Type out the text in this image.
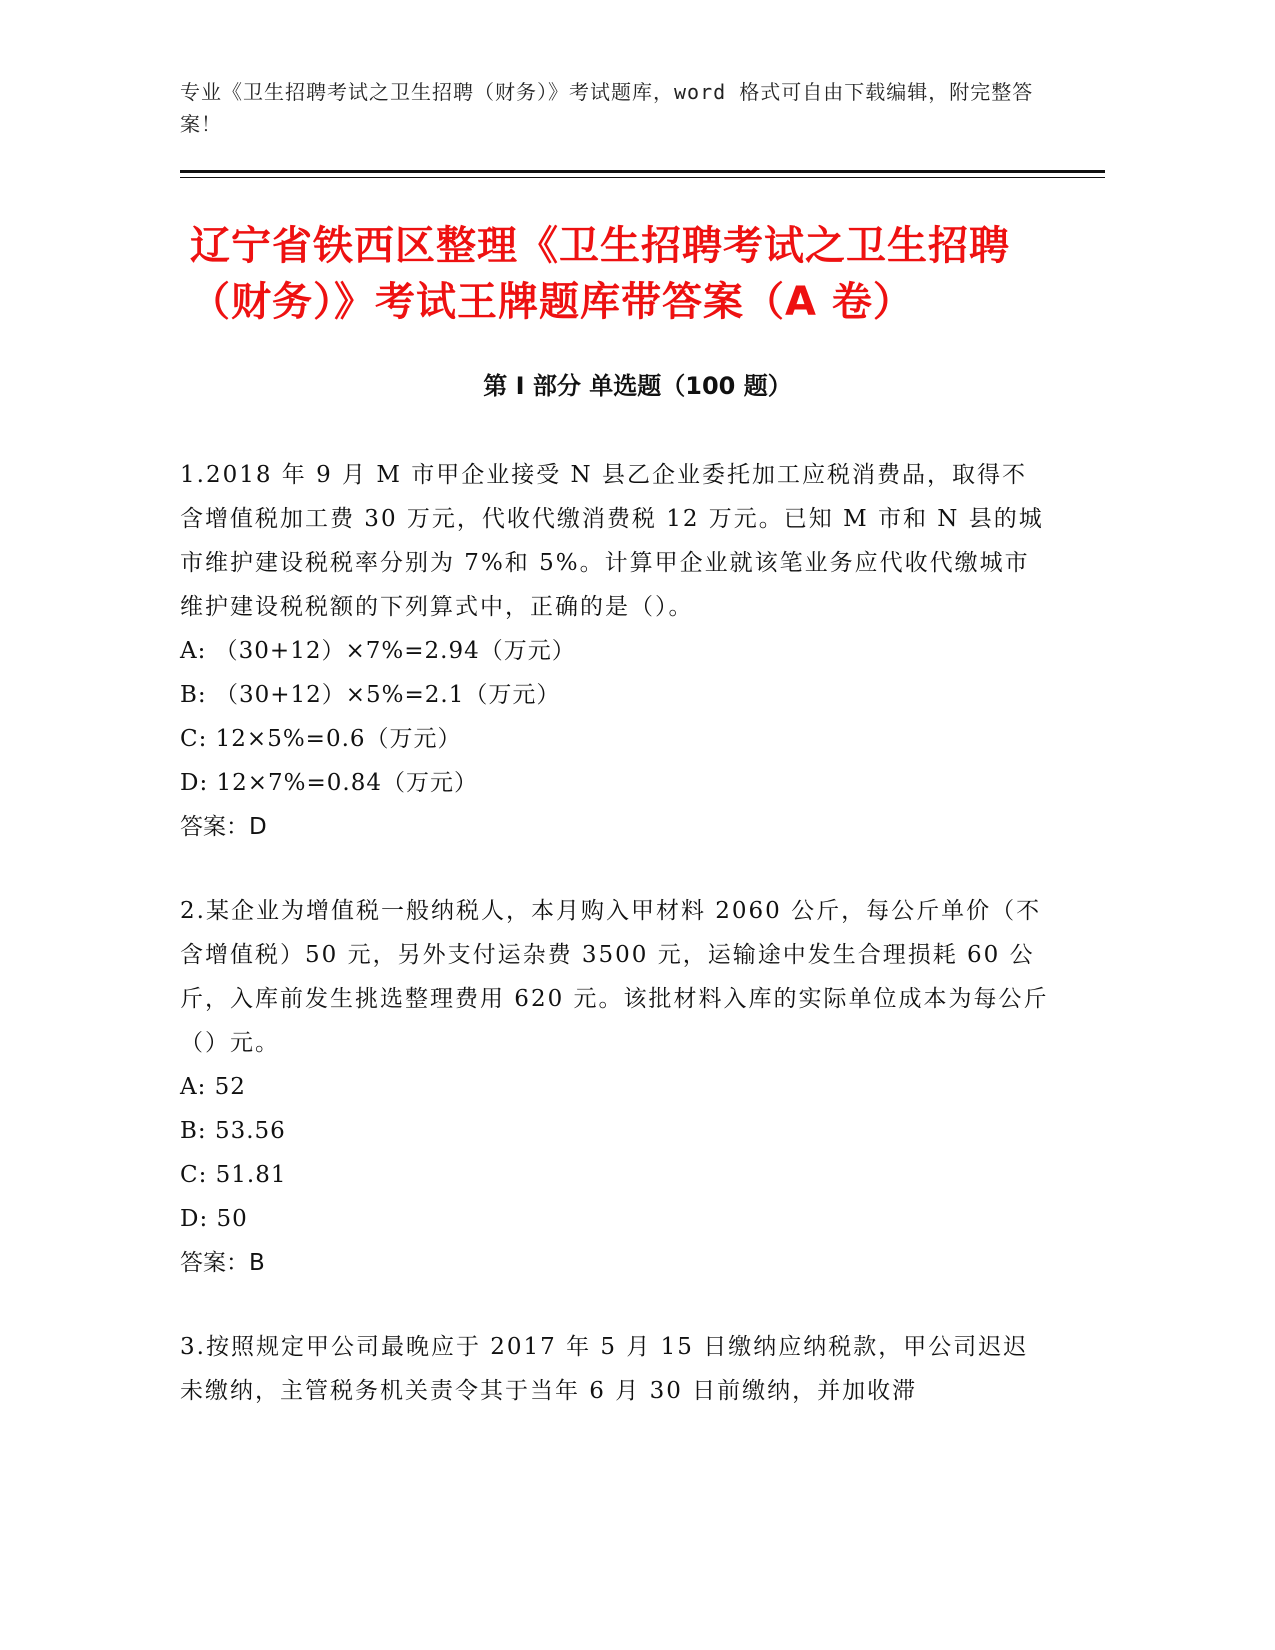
专业《卫生招聘考试之卫生招聘（财务）》考试题库，word 格式可自由下载编辑，附完整答案！
辽宁省铁西区整理《卫生招聘考试之卫生招聘（财务）》考试王牌题库带答案（A 卷）
第 I 部分 单选题（100 题）

1.2018 年 9 月 M 市甲企业接受 N 县乙企业委托加工应税消费品，取得不含增值税加工费 30 万元，代收代缴消费税 12 万元。已知 M 市和 N 县的城市维护建设税税率分别为 7%和 5%。计算甲企业就该笔业务应代收代缴城市维护建设税税额的下列算式中，正确的是（）。

A: （30+12）×7%=2.94（万元）

B: （30+12）×5%=2.1（万元）

C: 12×5%=0.6（万元）

D: 12×7%=0.84（万元）

答案：D

2.某企业为增值税一般纳税人，本月购入甲材料 2060 公斤，每公斤单价（不含增值税）50 元，另外支付运杂费 3500 元，运输途中发生合理损耗 60 公斤，入库前发生挑选整理费用 620 元。该批材料入库的实际单位成本为每公斤（）元。

A: 52

B: 53.56

C: 51.81

D: 50

答案：B

3.按照规定甲公司最晚应于 2017 年 5 月 15 日缴纳应纳税款，甲公司迟迟未缴纳，主管税务机关责令其于当年 6 月 30 日前缴纳，并加收滞
